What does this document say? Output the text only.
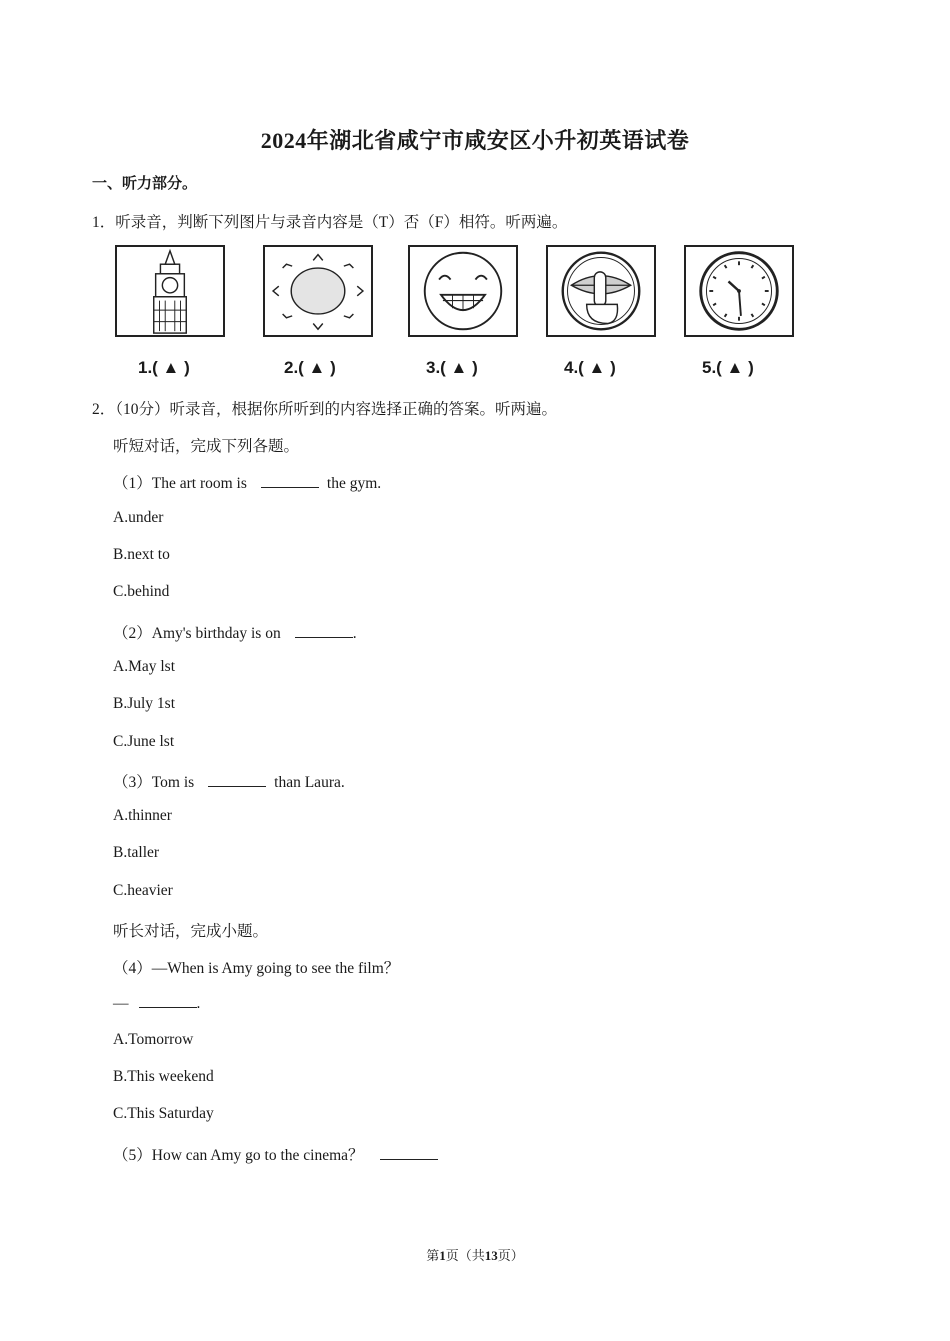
2024年湖北省咸宁市咸安区小升初英语试卷
一、听力部分。
1．听录音，判断下列图片与录音内容是（T）否（F）相符。听两遍。
1.( ▲ )	2.( ▲ )	3.( ▲ )	4.( ▲ )	5.( ▲ )
2．（10分）听录音，根据你所听到的内容选择正确的答案。听两遍。
听短对话，完成下列各题。
（1）The art room is	the gym.
A.under
B.next to
C.behind
（2）Amy's birthday is on	.
A.May lst
B.July 1st
C.June lst
（3）Tom is	than Laura.
A.thinner
B.taller
C.heavier
听长对话，完成小题。
（4）—When is Amy going to see the film？
—	.
A.Tomorrow
B.This weekend
C.This Saturday
（5）How can Amy go to the cinema？
第1页（共13页）
